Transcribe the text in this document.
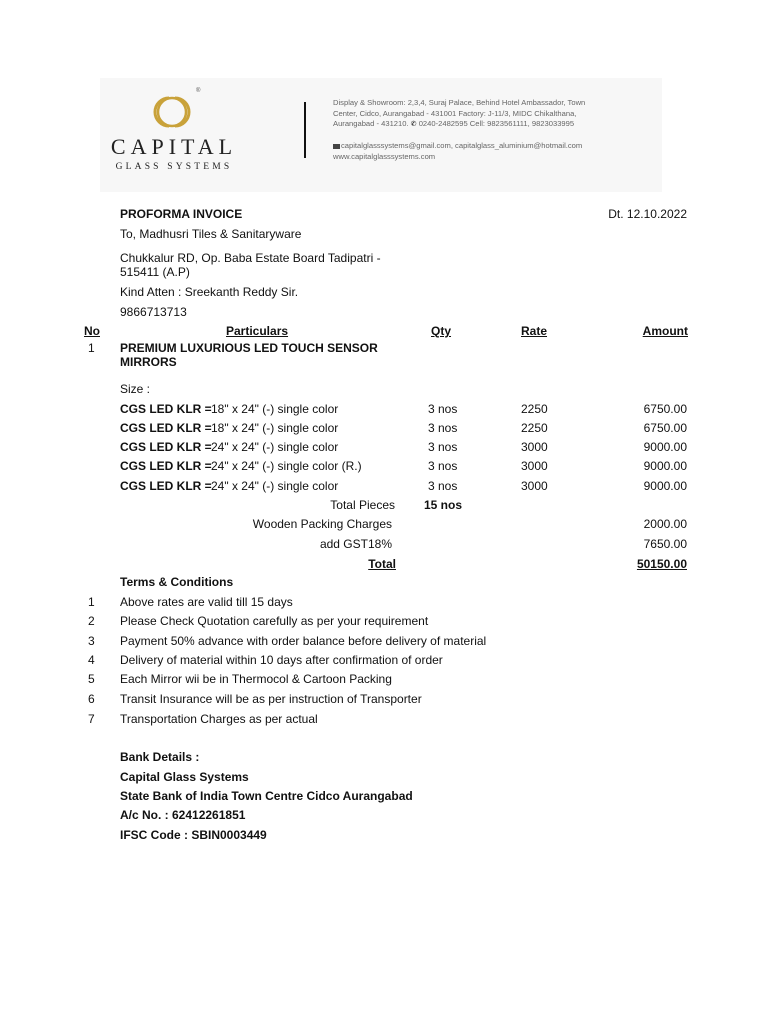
®
CAPITAL
GLASS SYSTEMS
Display & Showroom: 2,3,4, Suraj Palace, Behind Hotel Ambassador, Town
Center, Cidco, Aurangabad - 431001 Factory: J-11/3, MIDC Chikalthana,
Aurangabad - 431210. ✆ 0240-2482595 Cell: 9823561111, 9823033995
capitalglasssystems@gmail.com, capitalglass_aluminium@hotmail.com
www.capitalglasssystems.com
PROFORMA INVOICE	Dt. 12.10.2022
To, Madhusri Tiles & Sanitaryware
Chukkalur RD, Op. Baba Estate Board Tadipatri -
515411 (A.P)
Kind Atten : Sreekanth Reddy Sir.
9866713713
No	Particulars	Qty	Rate	Amount
1 PREMIUM LUXURIOUS LED TOUCH SENSOR
MIRRORS
Size :
CGS LED KLR = 18" x 24" (-) single color	3 nos	2250	6750.00
CGS LED KLR = 18" x 24" (-) single color	3 nos	2250	6750.00
CGS LED KLR = 24" x 24" (-) single color	3 nos	3000	9000.00
CGS LED KLR = 24" x 24" (-) single color (R.)	3 nos	3000	9000.00
CGS LED KLR = 24" x 24" (-) single color	3 nos	3000	9000.00
Total Pieces 15 nos
Wooden Packing Charges	2000.00
add GST18%	7650.00
Total	50150.00
Terms & Conditions
1 Above rates are valid till 15 days
2 Please Check Quotation carefully as per your requirement
3 Payment 50% advance with order balance before delivery of material
4 Delivery of material within 10 days after confirmation of order
5 Each Mirror wii be in Thermocol & Cartoon Packing
6 Transit Insurance will be as per instruction of Transporter
7 Transportation Charges as per actual
Bank Details :
Capital Glass Systems
State Bank of India Town Centre Cidco Aurangabad
A/c No. : 62412261851
IFSC Code : SBIN0003449
